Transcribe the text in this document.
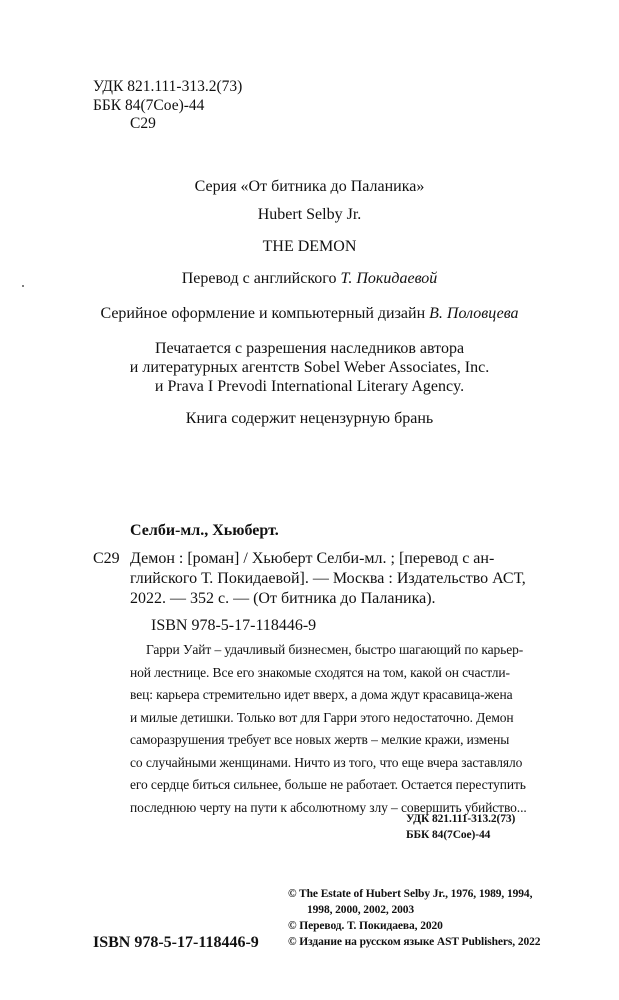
УДК 821.111-313.2(73)
ББК 84(7Сое)-44
С29
Серия «От битника до Паланика»
Hubert Selby Jr.
THE DEMON
Перевод с английского Т. Покидаевой
Серийное оформление и компьютерный дизайн В. Половцева
Печатается с разрешения наследников автора
и литературных агентств Sobel Weber Associates, Inc.
и Prava I Prevodi International Literary Agency.
Книга содержит нецензурную брань
Селби-мл., Хьюберт.
С29 Демон : [роман] / Хьюберт Селби-мл. ; [перевод с ан-
глийского Т. Покидаевой]. — Москва : Издательство АСТ,
2022. — 352 с. — (От битника до Паланика).
ISBN 978-5-17-118446-9
Гарри Уайт – удачливый бизнесмен, быстро шагающий по карьер-
ной лестнице. Все его знакомые сходятся на том, какой он счастли-
вец: карьера стремительно идет вверх, а дома ждут красавица-жена
и милые детишки. Только вот для Гарри этого недостаточно. Демон
саморазрушения требует все новых жертв – мелкие кражи, измены
со случайными женщинами. Ничто из того, что еще вчера заставляло
его сердце биться сильнее, больше не работает. Остается переступить
последнюю черту на пути к абсолютному злу – совершить убийство...
УДК 821.111-313.2(73)
ББК 84(7Сое)-44
© The Estate of Hubert Selby Jr., 1976, 1989, 1994,
1998, 2000, 2002, 2003
© Перевод. Т. Покидаева, 2020
© Издание на русском языке AST Publishers, 2022
ISBN 978-5-17-118446-9
